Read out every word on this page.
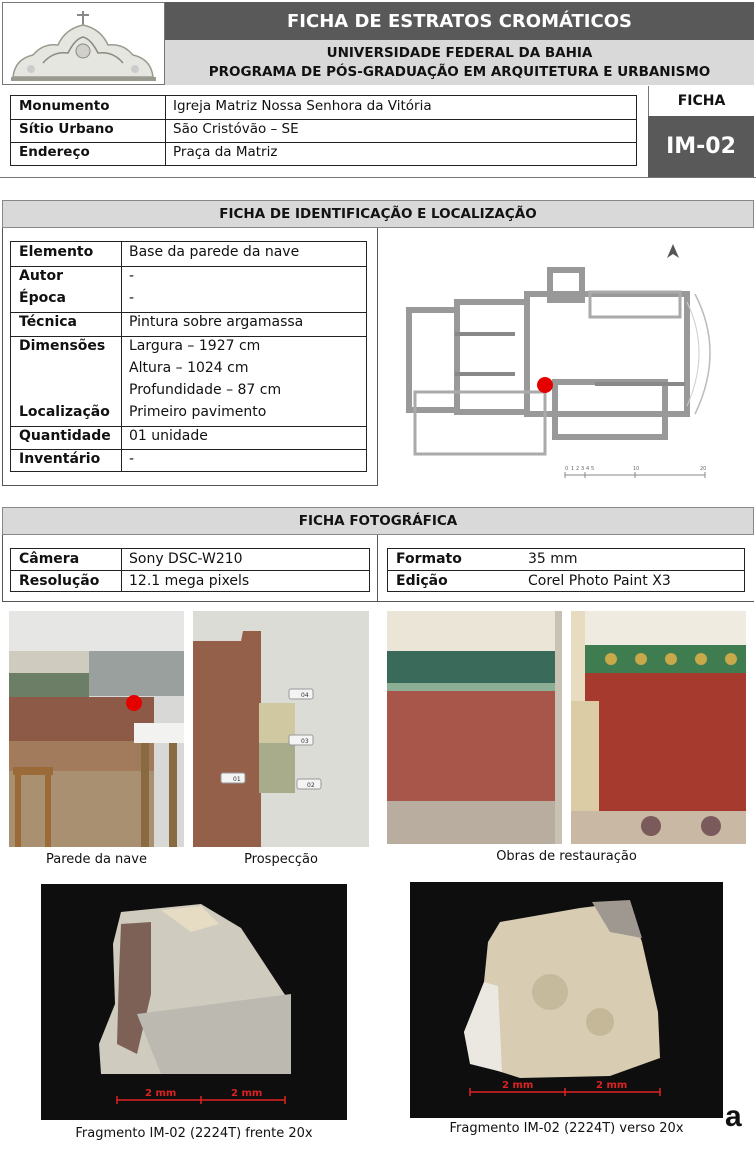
FICHA DE ESTRATOS CROMÁTICOS
UNIVERSIDADE FEDERAL DA BAHIA
PROGRAMA DE PÓS-GRADUAÇÃO EM ARQUITETURA E URBANISMO
Monumento	Igreja Matriz Nossa Senhora da Vitória
Sítio Urbano	São Cristóvão – SE
Endereço	Praça da Matriz
FICHA
IM-02
FICHA DE IDENTIFICAÇÃO E LOCALIZAÇÃO
Elemento	Base da parede da nave
Autor	-
Época	-
Técnica	Pintura sobre argamassa
Dimensões Largura – 1927 cm
Altura – 1024 cm
Profundidade – 87 cm
Localização Primeiro pavimento
Quantidade 01 unidade
Inventário -
0 1 2 3 4 5	10	20
FICHA FOTOGRÁFICA
Câmera	Sony DSC-W210
Resolução 12.1 mega pixels
Formato	35 mm
Edição	Corel Photo Paint X3
04
03
01
02
Parede da nave	Prospecção	Obras de restauração
2 mm	2 mm
2 mm	2 mm
Fragmento IM-02 (2224T) frente 20x	Fragmento IM-02 (2224T) verso 20x	a
